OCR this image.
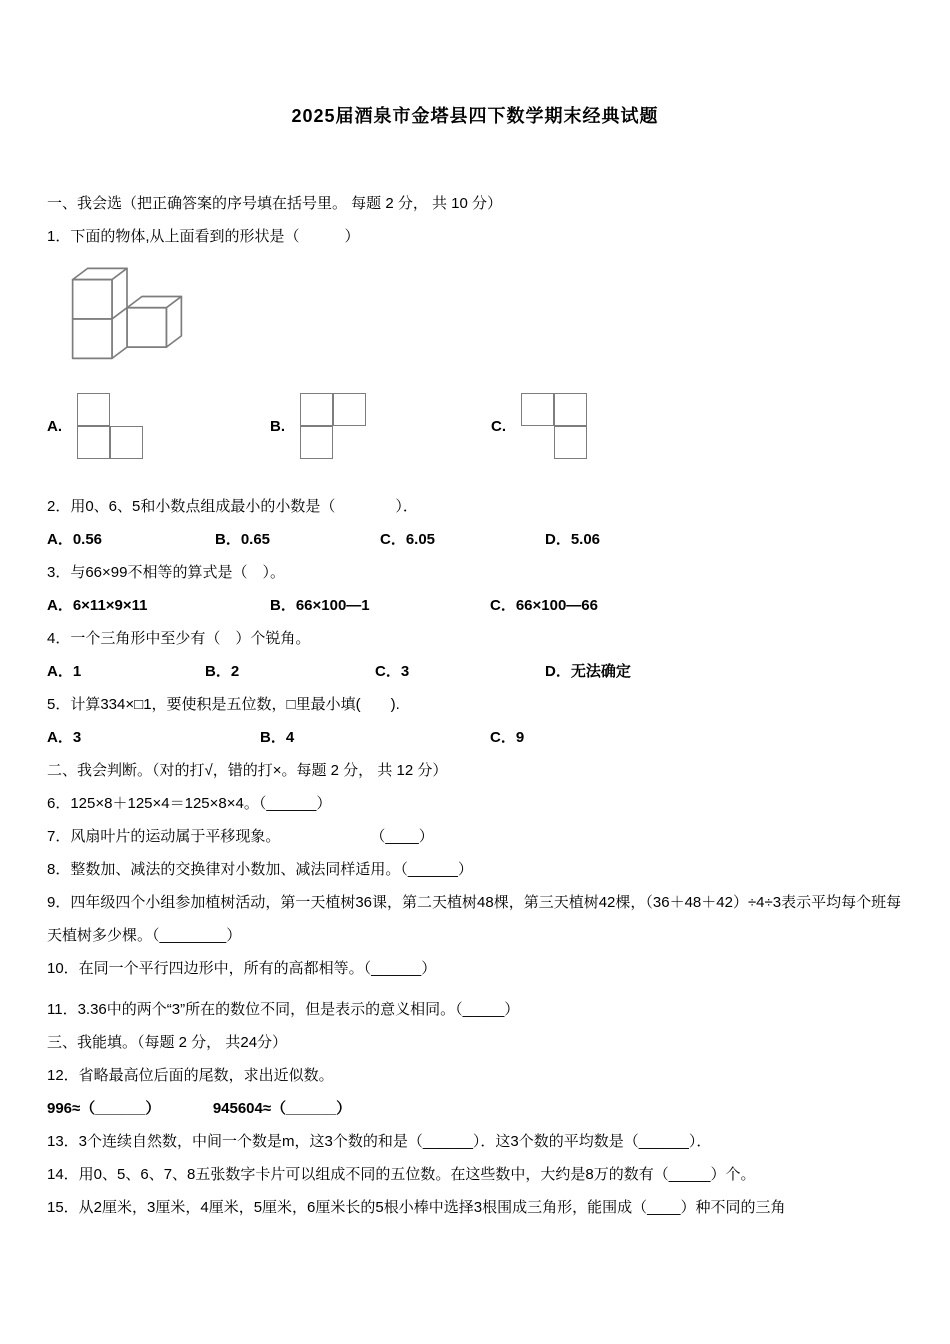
2025届酒泉市金塔县四下数学期末经典试题
一、我会选（把正确答案的序号填在括号里。 每题 2 分， 共 10 分）
1．下面的物体,从上面看到的形状是（　　　）
A.	B.	C.
2．用0、6、5和小数点组成最小的小数是（　　　　）．
A．0.56	B．0.65	C．6.05	D．5.06
3．与66×99不相等的算式是（　）。
A．6×11×9×11	B．66×100—1	C．66×100—66
4．一个三角形中至少有（　）个锐角。
A．1	B．2	C．3	D．无法确定
5．计算334×□1，要使积是五位数，□里最小填(　　).
A．3	B．4	C．9
二、我会判断。（对的打√，错的打×。每题 2 分， 共 12 分）
6．125×8＋125×4＝125×8×4。（______）
7．风扇叶片的运动属于平移现象。　　　　　　　（____）
8．整数加、减法的交换律对小数加、减法同样适用。（______）
9．四年级四个小组参加植树活动，第一天植树36课，第二天植树48棵，第三天植树42棵，（36＋48＋42）÷4÷3表示平均每个班每天植树多少棵。（________）
10．在同一个平行四边形中，所有的高都相等。（______）
11．3.36中的两个“3”所在的数位不同，但是表示的意义相同。（_____）
三、我能填。（每题 2 分， 共24分）
12．省略最高位后面的尾数，求出近似数。
996≈（______）　　　　945604≈（______）
13．3个连续自然数，中间一个数是m，这3个数的和是（______）．这3个数的平均数是（______）．
14．用0、5、6、7、8五张数字卡片可以组成不同的五位数。在这些数中，大约是8万的数有（_____）个。
15．从2厘米，3厘米，4厘米，5厘米，6厘米长的5根小棒中选择3根围成三角形，能围成（____）种不同的三角
